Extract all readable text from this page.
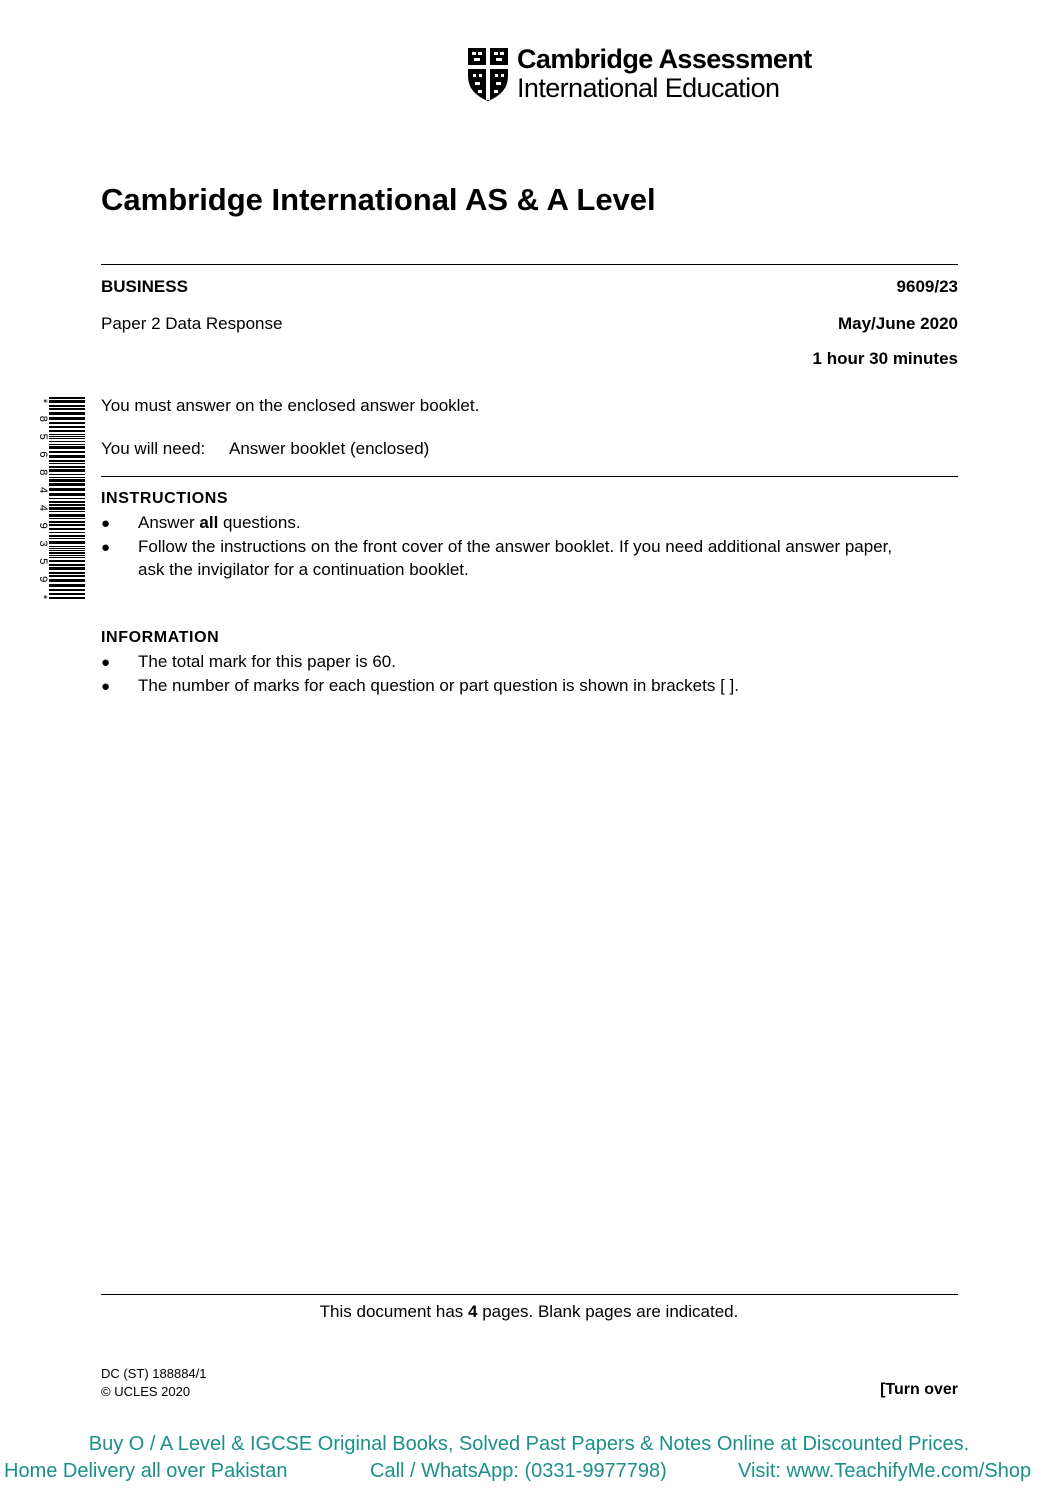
Cambridge Assessment
International Education
Cambridge International AS & A Level
BUSINESS	9609/23
Paper 2 Data Response	May/June 2020
1 hour 30 minutes
*
8
5
6
8
4
4
9
3
5
9
*
You must answer on the enclosed answer booklet.
You will need: Answer booklet (enclosed)
INSTRUCTIONS
● Answer all questions.
● Follow the instructions on the front cover of the answer booklet. If you need additional answer paper,
ask the invigilator for a continuation booklet.
INFORMATION
● The total mark for this paper is 60.
● The number of marks for each question or part question is shown in brackets [ ].
This document has 4 pages. Blank pages are indicated.
DC (ST) 188884/1
© UCLES 2020	[Turn over
Buy O / A Level & IGCSE Original Books, Solved Past Papers & Notes Online at Discounted Prices.
Home Delivery all over Pakistan	Call / WhatsApp: (0331-9977798)	Visit: www.TeachifyMe.com/Shop
